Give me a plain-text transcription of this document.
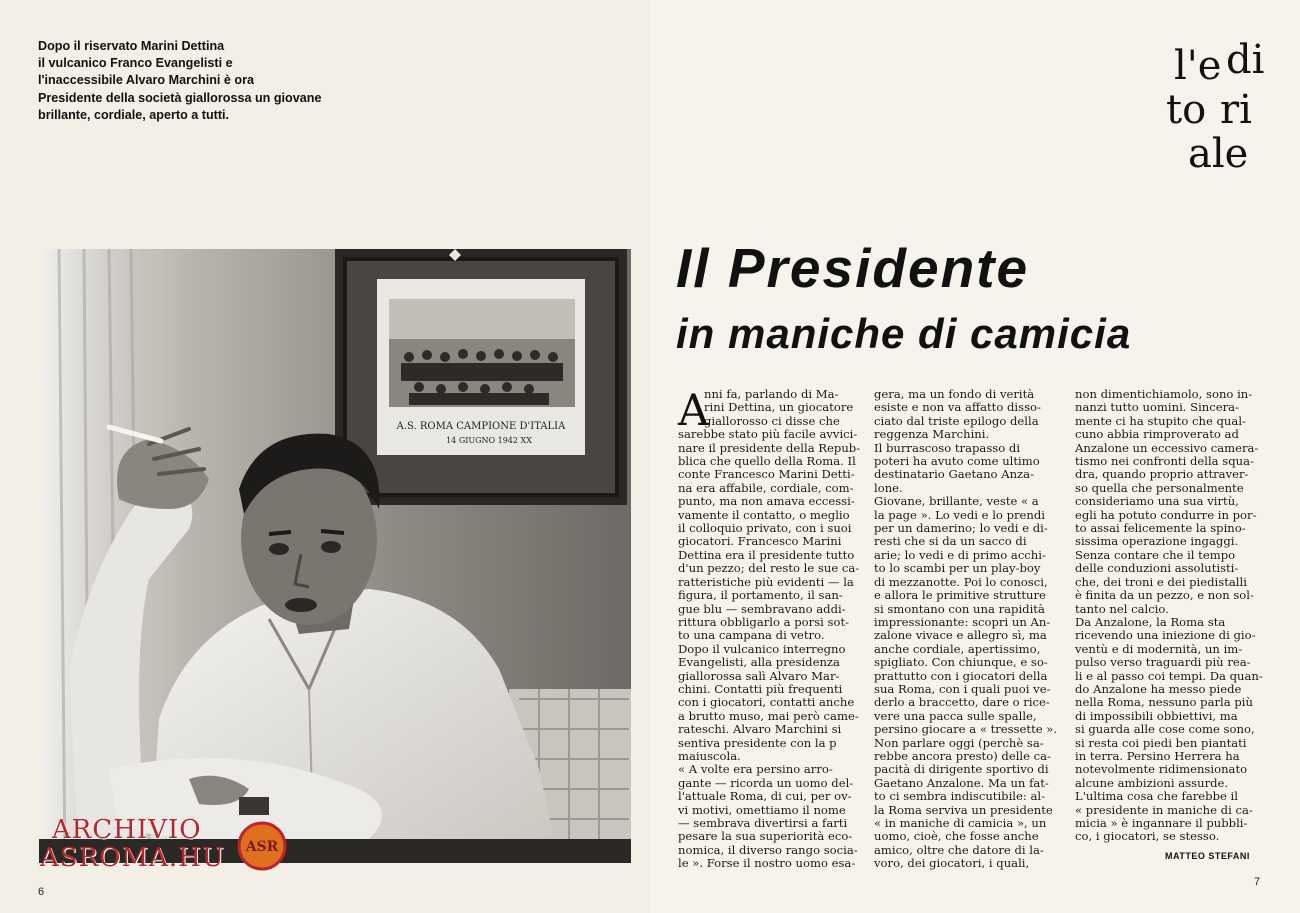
Dopo il riservato Marini Dettina
il vulcanico Franco Evangelisti e
l'inaccessibile Alvaro Marchini è ora
Presidente della società giallorossa un giovane
brillante, cordiale, aperto a tutti.
l'e di
to ri
ale
A.S. ROMA CAMPIONE D'ITALIA
14 GIUGNO 1942 XX
ARCHIVIO
ASROMA.HU ASR
6
7
Il Presidente
in maniche di camicia
A
nni fa, parlando di Ma-
rini Dettina, un giocatore
giallorosso ci disse che
sarebbe stato più facile avvici-
nare il presidente della Repub-
blica che quello della Roma. Il
conte Francesco Marini Detti-
na era affabile, cordiale, com-
punto, ma non amava eccessi-
vamente il contatto, o meglio
il colloquio privato, con i suoi
giocatori. Francesco Marini
Dettina era il presidente tutto
d'un pezzo; del resto le sue ca-
ratteristiche più evidenti — la
figura, il portamento, il san-
gue blu — sembravano addi-
rittura obbligarlo a porsi sot-
to una campana di vetro.
Dopo il vulcanico interregno
Evangelisti, alla presidenza
giallorossa salì Alvaro Mar-
chini. Contatti più frequenti
con i giocatori, contatti anche
a brutto muso, mai però came-
rateschi. Alvaro Marchini si
sentiva presidente con la p
maiuscola.
« A volte era persino arro-
gante — ricorda un uomo del-
l'attuale Roma, di cui, per ov-
vi motivi, omettiamo il nome
— sembrava divertirsi a farti
pesare la sua superiorità eco-
nomica, il diverso rango socia-
le ». Forse il nostro uomo esa-
gera, ma un fondo di verità
esiste e non va affatto disso-
ciato dal triste epilogo della
reggenza Marchini.
Il burrascoso trapasso di
poteri ha avuto come ultimo
destinatario Gaetano Anza-
lone.
Giovane, brillante, veste « a
la page ». Lo vedi e lo prendi
per un damerino; lo vedi e di-
resti che si da un sacco di
arie; lo vedi e di primo acchi-
to lo scambi per un play-boy
di mezzanotte. Poi lo conosci,
e allora le primitive strutture
si smontano con una rapidità
impressionante: scopri un An-
zalone vivace e allegro sì, ma
anche cordiale, apertissimo,
spigliato. Con chiunque, e so-
prattutto con i giocatori della
sua Roma, con i quali puoi ve-
derlo a braccetto, dare o rice-
vere una pacca sulle spalle,
persino giocare a « tressette ».
Non parlare oggi (perchè sa-
rebbe ancora presto) delle ca-
pacità di dirigente sportivo di
Gaetano Anzalone. Ma un fat-
to ci sembra indiscutibile: al-
la Roma serviva un presidente
« in maniche di camicia », un
uomo, cioè, che fosse anche
amico, oltre che datore di la-
voro, dei giocatori, i quali,
non dimentichiamolo, sono in-
nanzi tutto uomini. Sincera-
mente ci ha stupito che qual-
cuno abbia rimproverato ad
Anzalone un eccessivo camera-
tismo nei confronti della squa-
dra, quando proprio attraver-
so quella che personalmente
consideriamo una sua virtù,
egli ha potuto condurre in por-
to assai felicemente la spino-
sissima operazione ingaggi.
Senza contare che il tempo
delle conduzioni assolutisti-
che, dei troni e dei piedistalli
è finita da un pezzo, e non sol-
tanto nel calcio.
Da Anzalone, la Roma sta
ricevendo una iniezione di gio-
ventù e di modernità, un im-
pulso verso traguardi più rea-
li e al passo coi tempi. Da quan-
do Anzalone ha messo piede
nella Roma, nessuno parla più
di impossibili obbiettivi, ma
si guarda alle cose come sono,
si resta coi piedi ben piantati
in terra. Persino Herrera ha
notevolmente ridimensionato
alcune ambizioni assurde.
L'ultima cosa che farebbe il
« presidente in maniche di ca-
micia » è ingannare il pubbli-
co, i giocatori, se stesso.
MATTEO STEFANI
